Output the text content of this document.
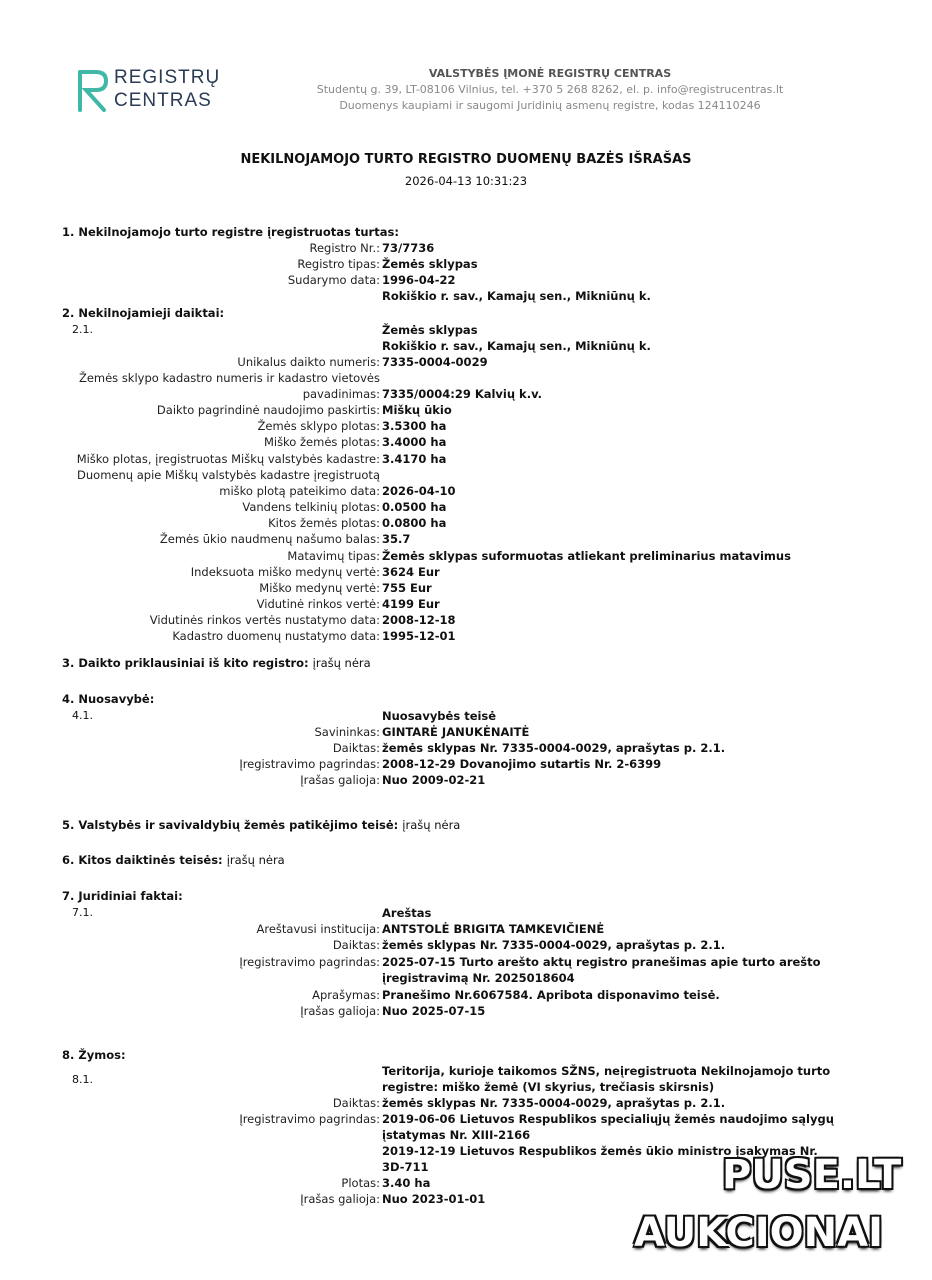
REGISTRŲ
CENTRAS
VALSTYBĖS ĮMONĖ REGISTRŲ CENTRAS
Studentų g. 39, LT-08106 Vilnius, tel. +370 5 268 8262, el. p. info@registrucentras.lt
Duomenys kaupiami ir saugomi Juridinių asmenų registre, kodas 124110246
NEKILNOJAMOJO TURTO REGISTRO DUOMENŲ BAZĖS IŠRAŠAS
2026-04-13 10:31:23
1. Nekilnojamojo turto registre įregistruotas turtas:
Registro Nr.: 73/7736
Registro tipas: Žemės sklypas
Sudarymo data: 1996-04-22
Rokiškio r. sav., Kamajų sen., Mikniūnų k.
2. Nekilnojamieji daiktai:
2.1.	Žemės sklypas
Rokiškio r. sav., Kamajų sen., Mikniūnų k.
Unikalus daikto numeris: 7335-0004-0029
Žemės sklypo kadastro numeris ir kadastro vietovės
pavadinimas: 7335/0004:29 Kalvių k.v.
Daikto pagrindinė naudojimo paskirtis: Miškų ūkio
Žemės sklypo plotas: 3.5300 ha
Miško žemės plotas: 3.4000 ha
Miško plotas, įregistruotas Miškų valstybės kadastre: 3.4170 ha
Duomenų apie Miškų valstybės kadastre įregistruotą
miško plotą pateikimo data: 2026-04-10
Vandens telkinių plotas: 0.0500 ha
Kitos žemės plotas: 0.0800 ha
Žemės ūkio naudmenų našumo balas: 35.7
Matavimų tipas: Žemės sklypas suformuotas atliekant preliminarius matavimus
Indeksuota miško medynų vertė: 3624 Eur
Miško medynų vertė: 755 Eur
Vidutinė rinkos vertė: 4199 Eur
Vidutinės rinkos vertės nustatymo data: 2008-12-18
Kadastro duomenų nustatymo data: 1995-12-01
3. Daikto priklausiniai iš kito registro: įrašų nėra
4. Nuosavybė:
4.1.	Nuosavybės teisė
Savininkas: GINTARĖ JANUKĖNAITĖ
Daiktas: žemės sklypas Nr. 7335-0004-0029, aprašytas p. 2.1.
Įregistravimo pagrindas: 2008-12-29 Dovanojimo sutartis Nr. 2-6399
Įrašas galioja: Nuo 2009-02-21
5. Valstybės ir savivaldybių žemės patikėjimo teisė: įrašų nėra
6. Kitos daiktinės teisės: įrašų nėra
7. Juridiniai faktai:
7.1.	Areštas
Areštavusi institucija: ANTSTOLĖ BRIGITA TAMKEVIČIENĖ
Daiktas: žemės sklypas Nr. 7335-0004-0029, aprašytas p. 2.1.
Įregistravimo pagrindas: 2025-07-15 Turto arešto aktų registro pranešimas apie turto arešto
įregistravimą Nr. 2025018604
Aprašymas: Pranešimo Nr.6067584. Apribota disponavimo teisė.
Įrašas galioja: Nuo 2025-07-15
8. Žymos:
Teritorija, kurioje taikomos SŽNS, neįregistruota Nekilnojamojo turto
8.1.
registre: miško žemė (VI skyrius, trečiasis skirsnis)
Daiktas: žemės sklypas Nr. 7335-0004-0029, aprašytas p. 2.1.
Įregistravimo pagrindas: 2019-06-06 Lietuvos Respublikos specialiųjų žemės naudojimo sąlygų
įstatymas Nr. XIII-2166
2019-12-19 Lietuvos Respublikos žemės ūkio ministro įsakymas Nr.
3D-711
Plotas: 3.40 ha
Įrašas galioja: Nuo 2023-01-01
PUSE.LT
AUKCIONAI
